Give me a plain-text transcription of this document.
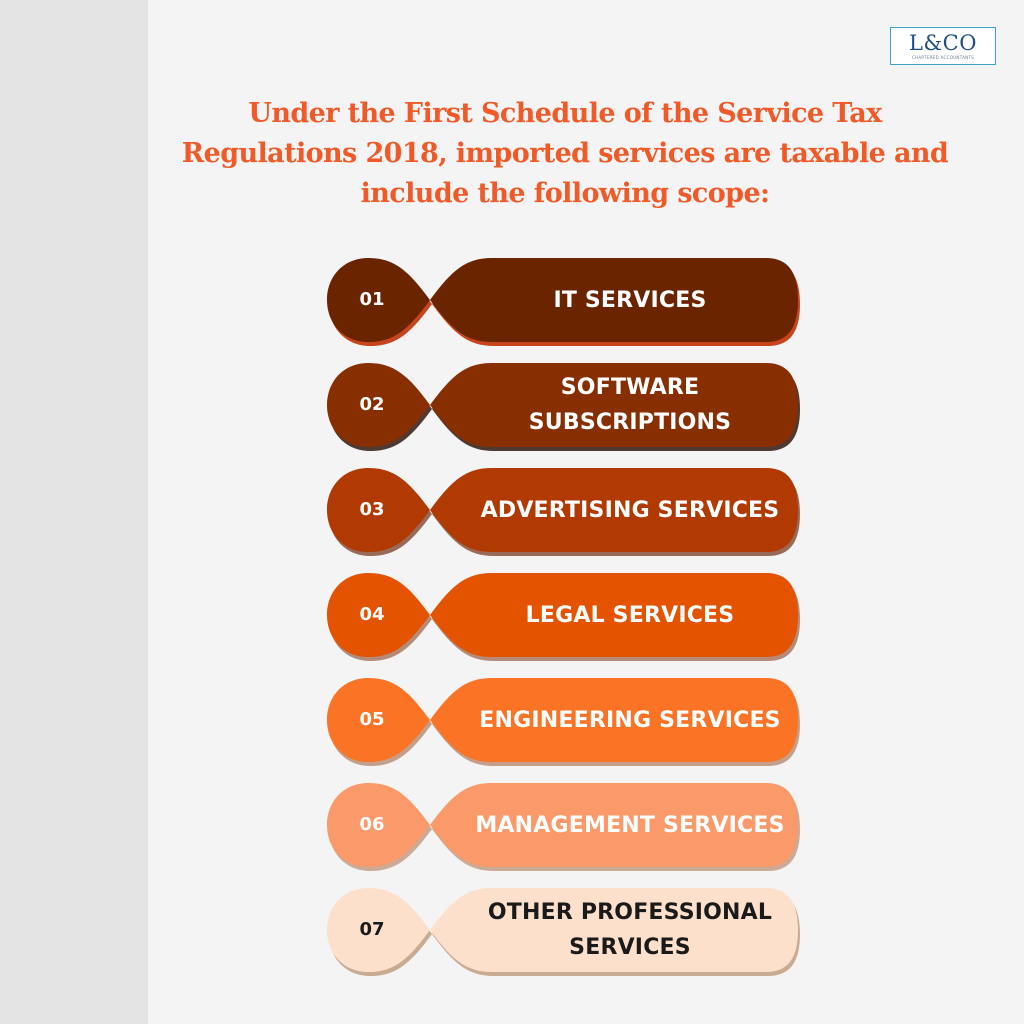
L&CO
CHARTERED ACCOUNTANTS
Under the First Schedule of the Service Tax Regulations 2018, imported services are taxable and include the following scope:
01	IT SERVICES
02
SOFTWARE SUBSCRIPTIONS
03	ADVERTISING SERVICES
04	LEGAL SERVICES
05	ENGINEERING SERVICES
06	MANAGEMENT SERVICES
07
OTHER PROFESSIONAL SERVICES
